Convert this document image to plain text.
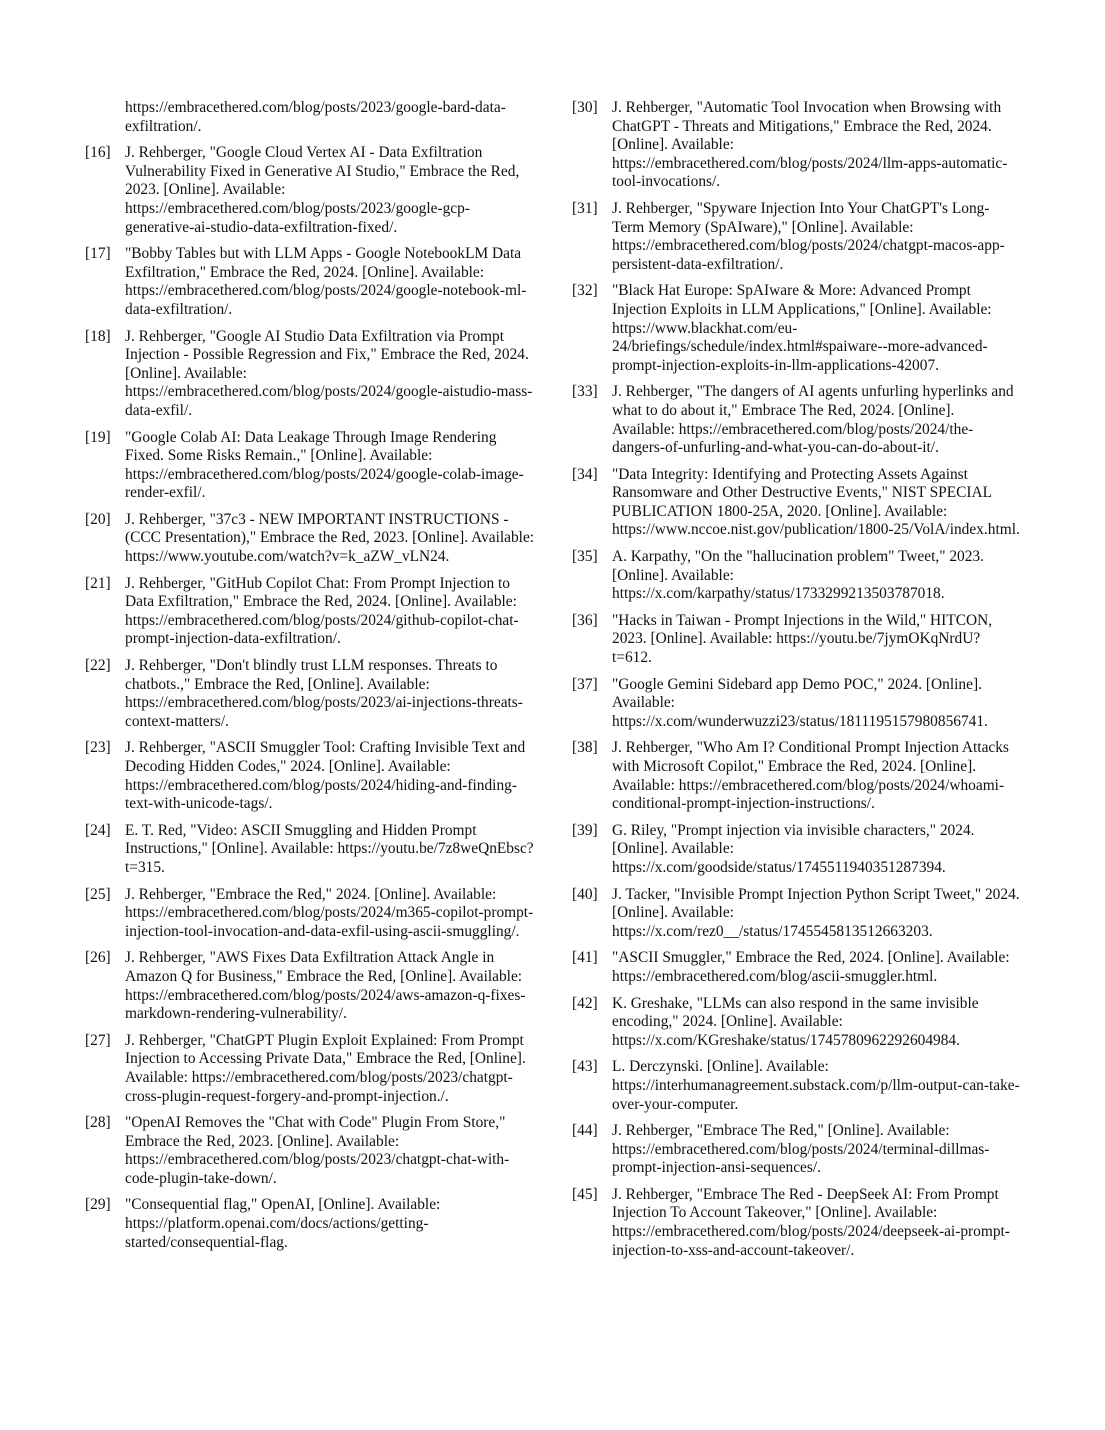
https://embracethered.com/blog/posts/2023/google-bard-data-exfiltration/.
[16] J. Rehberger, "Google Cloud Vertex AI - Data Exfiltration Vulnerability Fixed in Generative AI Studio," Embrace the Red, 2023. [Online]. Available: https://embracethered.com/blog/posts/2023/google-gcp-generative-ai-studio-data-exfiltration-fixed/.
[17] "Bobby Tables but with LLM Apps - Google NotebookLM Data Exfiltration," Embrace the Red, 2024. [Online]. Available: https://embracethered.com/blog/posts/2024/google-notebook-ml-data-exfiltration/.
[18] J. Rehberger, "Google AI Studio Data Exfiltration via Prompt Injection - Possible Regression and Fix," Embrace the Red, 2024. [Online]. Available: https://embracethered.com/blog/posts/2024/google-aistudio-mass-data-exfil/.
[19] "Google Colab AI: Data Leakage Through Image Rendering Fixed. Some Risks Remain.," [Online]. Available: https://embracethered.com/blog/posts/2024/google-colab-image-render-exfil/.
[20] J. Rehberger, "37c3 - NEW IMPORTANT INSTRUCTIONS - (CCC Presentation)," Embrace the Red, 2023. [Online]. Available: https://www.youtube.com/watch?v=k_aZW_vLN24.
[21] J. Rehberger, "GitHub Copilot Chat: From Prompt Injection to Data Exfiltration," Embrace the Red, 2024. [Online]. Available: https://embracethered.com/blog/posts/2024/github-copilot-chat-prompt-injection-data-exfiltration/.
[22] J. Rehberger, "Don't blindly trust LLM responses. Threats to chatbots.," Embrace the Red, [Online]. Available: https://embracethered.com/blog/posts/2023/ai-injections-threats-context-matters/.
[23] J. Rehberger, "ASCII Smuggler Tool: Crafting Invisible Text and Decoding Hidden Codes," 2024. [Online]. Available: https://embracethered.com/blog/posts/2024/hiding-and-finding-text-with-unicode-tags/.
[24] E. T. Red, "Video: ASCII Smuggling and Hidden Prompt Instructions," [Online]. Available: https://youtu.be/7z8weQnEbsc?t=315.
[25] J. Rehberger, "Embrace the Red," 2024. [Online]. Available: https://embracethered.com/blog/posts/2024/m365-copilot-prompt-injection-tool-invocation-and-data-exfil-using-ascii-smuggling/.
[26] J. Rehberger, "AWS Fixes Data Exfiltration Attack Angle in Amazon Q for Business," Embrace the Red, [Online]. Available: https://embracethered.com/blog/posts/2024/aws-amazon-q-fixes-markdown-rendering-vulnerability/.
[27] J. Rehberger, "ChatGPT Plugin Exploit Explained: From Prompt Injection to Accessing Private Data," Embrace the Red, [Online]. Available: https://embracethered.com/blog/posts/2023/chatgpt-cross-plugin-request-forgery-and-prompt-injection./.
[28] "OpenAI Removes the "Chat with Code" Plugin From Store," Embrace the Red, 2023. [Online]. Available: https://embracethered.com/blog/posts/2023/chatgpt-chat-with-code-plugin-take-down/.
[29] "Consequential flag," OpenAI, [Online]. Available: https://platform.openai.com/docs/actions/getting-started/consequential-flag.
[30] J. Rehberger, "Automatic Tool Invocation when Browsing with ChatGPT - Threats and Mitigations," Embrace the Red, 2024. [Online]. Available: https://embracethered.com/blog/posts/2024/llm-apps-automatic-tool-invocations/.
[31] J. Rehberger, "Spyware Injection Into Your ChatGPT's Long-Term Memory (SpAIware)," [Online]. Available: https://embracethered.com/blog/posts/2024/chatgpt-macos-app-persistent-data-exfiltration/.
[32] "Black Hat Europe: SpAIware & More: Advanced Prompt Injection Exploits in LLM Applications," [Online]. Available: https://www.blackhat.com/eu-24/briefings/schedule/index.html#spaiware--more-advanced-prompt-injection-exploits-in-llm-applications-42007.
[33] J. Rehberger, "The dangers of AI agents unfurling hyperlinks and what to do about it," Embrace The Red, 2024. [Online]. Available: https://embracethered.com/blog/posts/2024/the-dangers-of-unfurling-and-what-you-can-do-about-it/.
[34] "Data Integrity: Identifying and Protecting Assets Against Ransomware and Other Destructive Events," NIST SPECIAL PUBLICATION 1800-25A, 2020. [Online]. Available: https://www.nccoe.nist.gov/publication/1800-25/VolA/index.html.
[35] A. Karpathy, "On the "hallucination problem" Tweet," 2023. [Online]. Available: https://x.com/karpathy/status/1733299213503787018.
[36] "Hacks in Taiwan - Prompt Injections in the Wild," HITCON, 2023. [Online]. Available: https://youtu.be/7jymOKqNrdU?t=612.
[37] "Google Gemini Sidebard app Demo POC," 2024. [Online]. Available: https://x.com/wunderwuzzi23/status/1811195157980856741.
[38] J. Rehberger, "Who Am I? Conditional Prompt Injection Attacks with Microsoft Copilot," Embrace the Red, 2024. [Online]. Available: https://embracethered.com/blog/posts/2024/whoami-conditional-prompt-injection-instructions/.
[39] G. Riley, "Prompt injection via invisible characters," 2024. [Online]. Available: https://x.com/goodside/status/1745511940351287394.
[40] J. Tacker, "Invisible Prompt Injection Python Script Tweet," 2024. [Online]. Available: https://x.com/rez0__/status/1745545813512663203.
[41] "ASCII Smuggler," Embrace the Red, 2024. [Online]. Available: https://embracethered.com/blog/ascii-smuggler.html.
[42] K. Greshake, "LLMs can also respond in the same invisible encoding," 2024. [Online]. Available: https://x.com/KGreshake/status/1745780962292604984.
[43] L. Derczynski. [Online]. Available: https://interhumanagreement.substack.com/p/llm-output-can-take-over-your-computer.
[44] J. Rehberger, "Embrace The Red," [Online]. Available: https://embracethered.com/blog/posts/2024/terminal-dillmas-prompt-injection-ansi-sequences/.
[45] J. Rehberger, "Embrace The Red - DeepSeek AI: From Prompt Injection To Account Takeover," [Online]. Available: https://embracethered.com/blog/posts/2024/deepseek-ai-prompt-injection-to-xss-and-account-takeover/.
